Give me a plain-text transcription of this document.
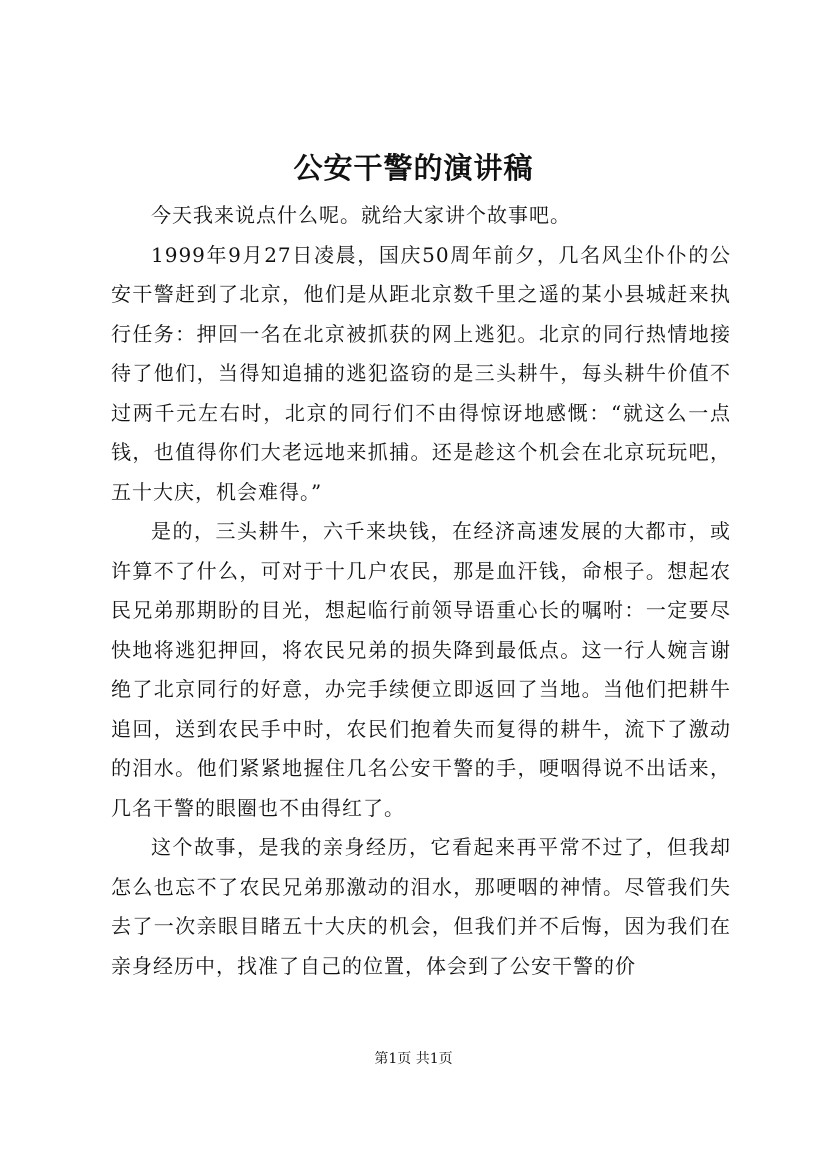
公安干警的演讲稿

今天我来说点什么呢。就给大家讲个故事吧。

1999年9月27日凌晨，国庆50周年前夕，几名风尘仆仆的公安干警赶到了北京，他们是从距北京数千里之遥的某小县城赶来执行任务：押回一名在北京被抓获的网上逃犯。北京的同行热情地接待了他们，当得知追捕的逃犯盗窃的是三头耕牛，每头耕牛价值不过两千元左右时，北京的同行们不由得惊讶地感慨：“就这么一点钱，也值得你们大老远地来抓捕。还是趁这个机会在北京玩玩吧，五十大庆，机会难得。”

是的，三头耕牛，六千来块钱，在经济高速发展的大都市，或许算不了什么，可对于十几户农民，那是血汗钱，命根子。想起农民兄弟那期盼的目光，想起临行前领导语重心长的嘱咐：一定要尽快地将逃犯押回，将农民兄弟的损失降到最低点。这一行人婉言谢绝了北京同行的好意，办完手续便立即返回了当地。当他们把耕牛追回，送到农民手中时，农民们抱着失而复得的耕牛，流下了激动的泪水。他们紧紧地握住几名公安干警的手，哽咽得说不出话来，几名干警的眼圈也不由得红了。

这个故事，是我的亲身经历，它看起来再平常不过了，但我却怎么也忘不了农民兄弟那激动的泪水，那哽咽的神情。尽管我们失去了一次亲眼目睹五十大庆的机会，但我们并不后悔，因为我们在亲身经历中，找准了自己的位置，体会到了公安干警的价

第1页 共1页
